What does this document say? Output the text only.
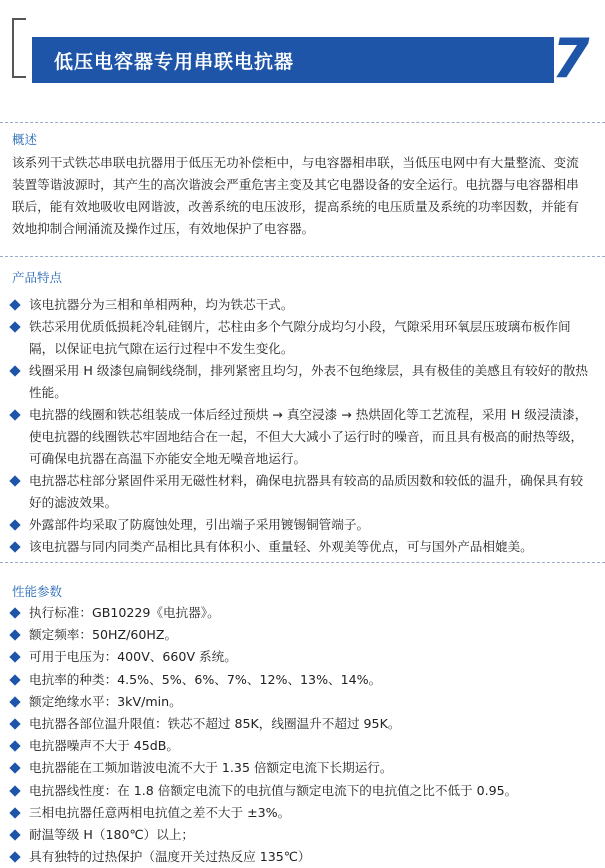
低压电容器专用串联电抗器	7
概述
该系列干式铁芯串联电抗器用于低压无功补偿柜中，与电容器相串联，当低压电网中有大量整流、变流装置等谐波源时，其产生的高次谐波会严重危害主变及其它电器设备的安全运行。电抗器与电容器相串联后，能有效地吸收电网谐波，改善系统的电压波形，提高系统的电压质量及系统的功率因数，并能有效地抑制合闸涌流及操作过压，有效地保护了电容器。
产品特点
该电抗器分为三相和单相两种，均为铁芯干式。
铁芯采用优质低损耗冷轧硅钢片，芯柱由多个气隙分成均匀小段，气隙采用环氧层压玻璃布板作间隔，以保证电抗气隙在运行过程中不发生变化。
线圈采用 H 级漆包扁铜线绕制，排列紧密且均匀，外表不包绝缘层，具有极佳的美感且有较好的散热性能。
电抗器的线圈和铁芯组装成一体后经过预烘 → 真空浸漆 → 热烘固化等工艺流程，采用 H 级浸渍漆，使电抗器的线圈铁芯牢固地结合在一起，不但大大减小了运行时的噪音，而且具有极高的耐热等级，可确保电抗器在高温下亦能安全地无噪音地运行。
电抗器芯柱部分紧固件采用无磁性材料，确保电抗器具有较高的品质因数和较低的温升，确保具有较好的滤波效果。
外露部件均采取了防腐蚀处理，引出端子采用镀锡铜管端子。
该电抗器与同内同类产品相比具有体积小、重量轻、外观美等优点，可与国外产品相媲美。
性能参数
执行标准：GB10229《电抗器》。
额定频率：50HZ/60HZ。
可用于电压为：400V、660V 系统。
电抗率的种类：4.5%、5%、6%、7%、12%、13%、14%。
额定绝缘水平：3kV/min。
电抗器各部位温升限值：铁芯不超过 85K，线圈温升不超过 95K。
电抗器噪声不大于 45dB。
电抗器能在工频加谐波电流不大于 1.35 倍额定电流下长期运行。
电抗器线性度：在 1.8 倍额定电流下的电抗值与额定电流下的电抗值之比不低于 0.95。
三相电抗器任意两相电抗值之差不大于 ±3%。
耐温等级 H（180℃）以上；
具有独特的过热保护（温度开关过热反应 135℃）
